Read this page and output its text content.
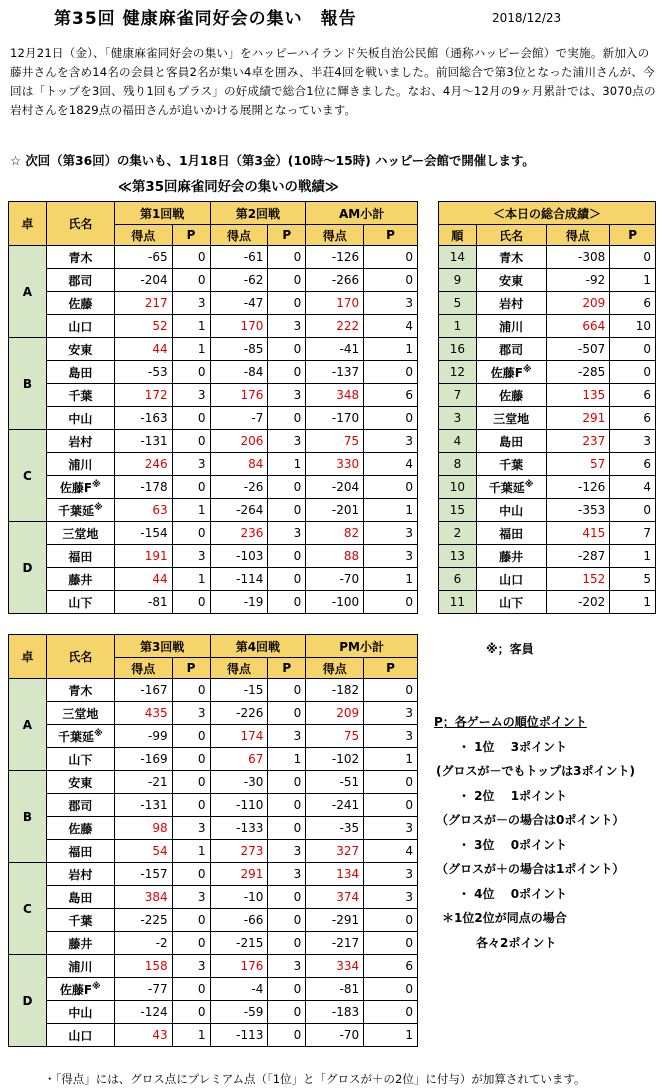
第35回 健康麻雀同好会の集い　報告	2018/12/23
12月21日（金）、「健康麻雀同好会の集い」をハッピーハイランド矢板自治公民館（通称ハッピー会館）で実施。新加入の藤井さんを含め14名の会員と客員2名が集い4卓を囲み、半荘4回を戦いました。前回総合で第3位となった浦川さんが、今回は「トップを3回、残り1回もプラス」の好成績で総合1位に輝きました。なお、4月～12月の9ヶ月累計では、3070点の岩村さんを1829点の福田さんが追いかける展開となっています。
☆ 次回（第36回）の集いも、1月18日（第3金）(10時～15時) ハッピー会館で開催します。
≪第35回麻雀同好会の集いの戦績≫
卓	氏名	第1回戦		第2回戦		AM小計	
		得点	P	得点	P	得点	P
A	青木	-65	0	-61	0	-126	0
	郡司	-204	0	-62	0	-266	0
	佐藤	217	3	-47	0	170	3
	山口	52	1	170	3	222	4
B	安東	44	1	-85	0	-41	1
	島田	-53	0	-84	0	-137	0
	千葉	172	3	176	3	348	6
	中山	-163	0	-7	0	-170	0
C	岩村	-131	0	206	3	75	3
	浦川	246	3	84	1	330	4
	佐藤F※	-178	0	-26	0	-204	0
	千葉延※	63	1	-264	0	-201	1
D	三堂地	-154	0	236	3	82	3
	福田	191	3	-103	0	88	3
	藤井	44	1	-114	0	-70	1
	山下	-81	0	-19	0	-100	0
卓	氏名	第3回戦		第4回戦		PM小計	
		得点	P	得点	P	得点	P
A	青木	-167	0	-15	0	-182	0
	三堂地	435	3	-226	0	209	3
	千葉延※	-99	0	174	3	75	3
	山下	-169	0	67	1	-102	1
B	安東	-21	0	-30	0	-51	0
	郡司	-131	0	-110	0	-241	0
	佐藤	98	3	-133	0	-35	3
	福田	54	1	273	3	327	4
C	岩村	-157	0	291	3	134	3
	島田	384	3	-10	0	374	3
	千葉	-225	0	-66	0	-291	0
	藤井	-2	0	-215	0	-217	0
D	浦川	158	3	176	3	334	6
	佐藤F※	-77	0	-4	0	-81	0
	中山	-124	0	-59	0	-183	0
	山口	43	1	-113	0	-70	1
＜本日の総合成績＞			
順	氏名	得点	P
14	青木	-308	0
9	安東	-92	1
5	岩村	209	6
1	浦川	664	10
16	郡司	-507	0
12	佐藤F※	-285	0
7	佐藤	135	6
3	三堂地	291	6
4	島田	237	3
8	千葉	57	6
10	千葉延※	-126	4
15	中山	-353	0
2	福田	415	7
13	藤井	-287	1
6	山口	152	5
11	山下	-202	1
※；客員
P；各ゲームの順位ポイント
・ 1位　 3ポイント
(グロスが－でもトップは3ポイント)
・ 2位　 1ポイント
（グロスが－の場合は0ポイント）
・ 3位　 0ポイント
（グロスが＋の場合は1ポイント）
・ 4位　 0ポイント
＊1位2位が同点の場合
各々2ポイント
・「得点」には、グロス点にプレミアム点（「1位」と「グロスが＋の2位」に付与）が加算されています。
